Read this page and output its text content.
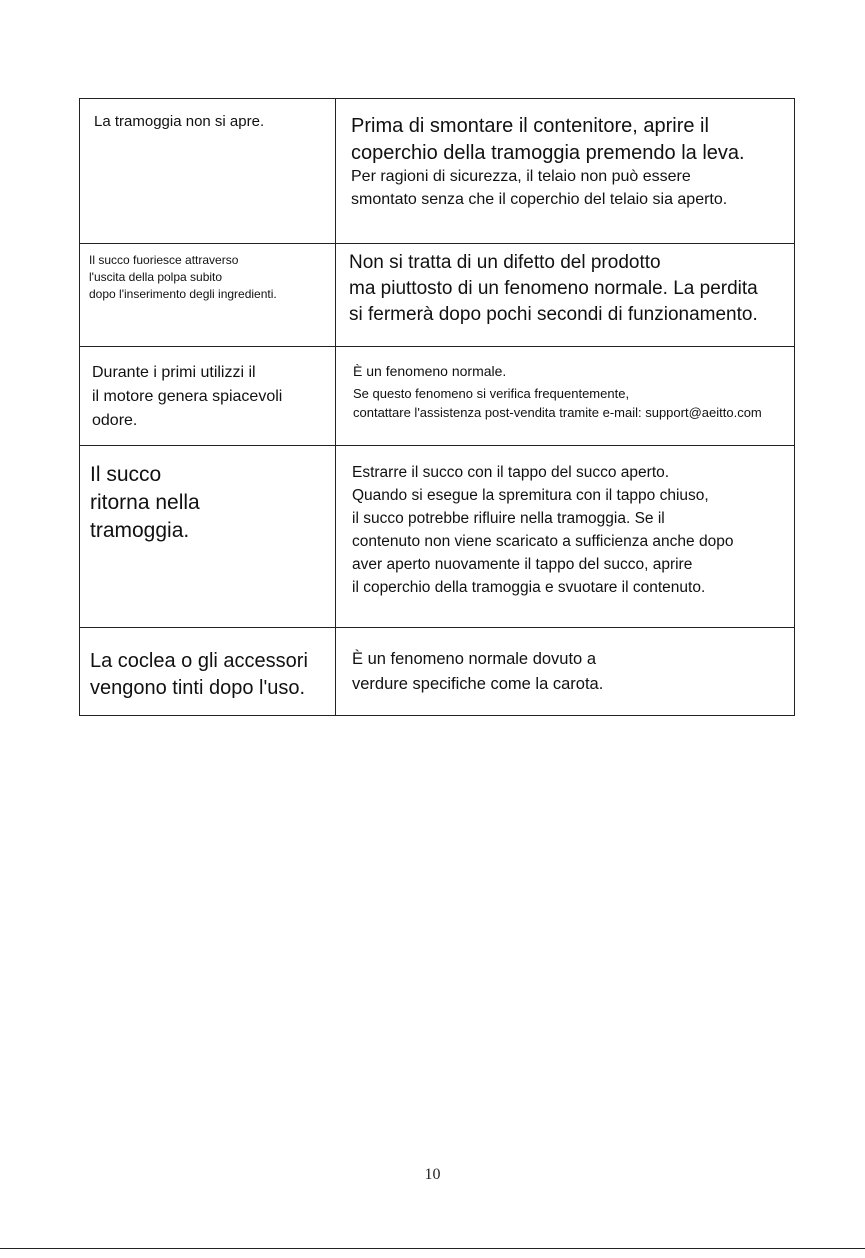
La tramoggia non si apre.	Prima di smontare il contenitore, aprire il
coperchio della tramoggia premendo la leva.
Per ragioni di sicurezza, il telaio non può essere
smontato senza che il coperchio del telaio sia aperto.
Il succo fuoriesce attraverso
l'uscita della polpa subito
dopo l'inserimento degli ingredienti.
Non si tratta di un difetto del prodotto
ma piuttosto di un fenomeno normale. La perdita
si fermerà dopo pochi secondi di funzionamento.
Durante i primi utilizzi il
il motore genera spiacevoli
odore.
È un fenomeno normale.
Se questo fenomeno si verifica frequentemente,
contattare l'assistenza post-vendita tramite e-mail: support@aeitto.com
Il succo
ritorna nella
tramoggia.
Estrarre il succo con il tappo del succo aperto.
Quando si esegue la spremitura con il tappo chiuso,
il succo potrebbe rifluire nella tramoggia. Se il
contenuto non viene scaricato a sufficienza anche dopo
aver aperto nuovamente il tappo del succo, aprire
il coperchio della tramoggia e svuotare il contenuto.
La coclea o gli accessori
vengono tinti dopo l'uso.
È un fenomeno normale dovuto a
verdure specifiche come la carota.
10
